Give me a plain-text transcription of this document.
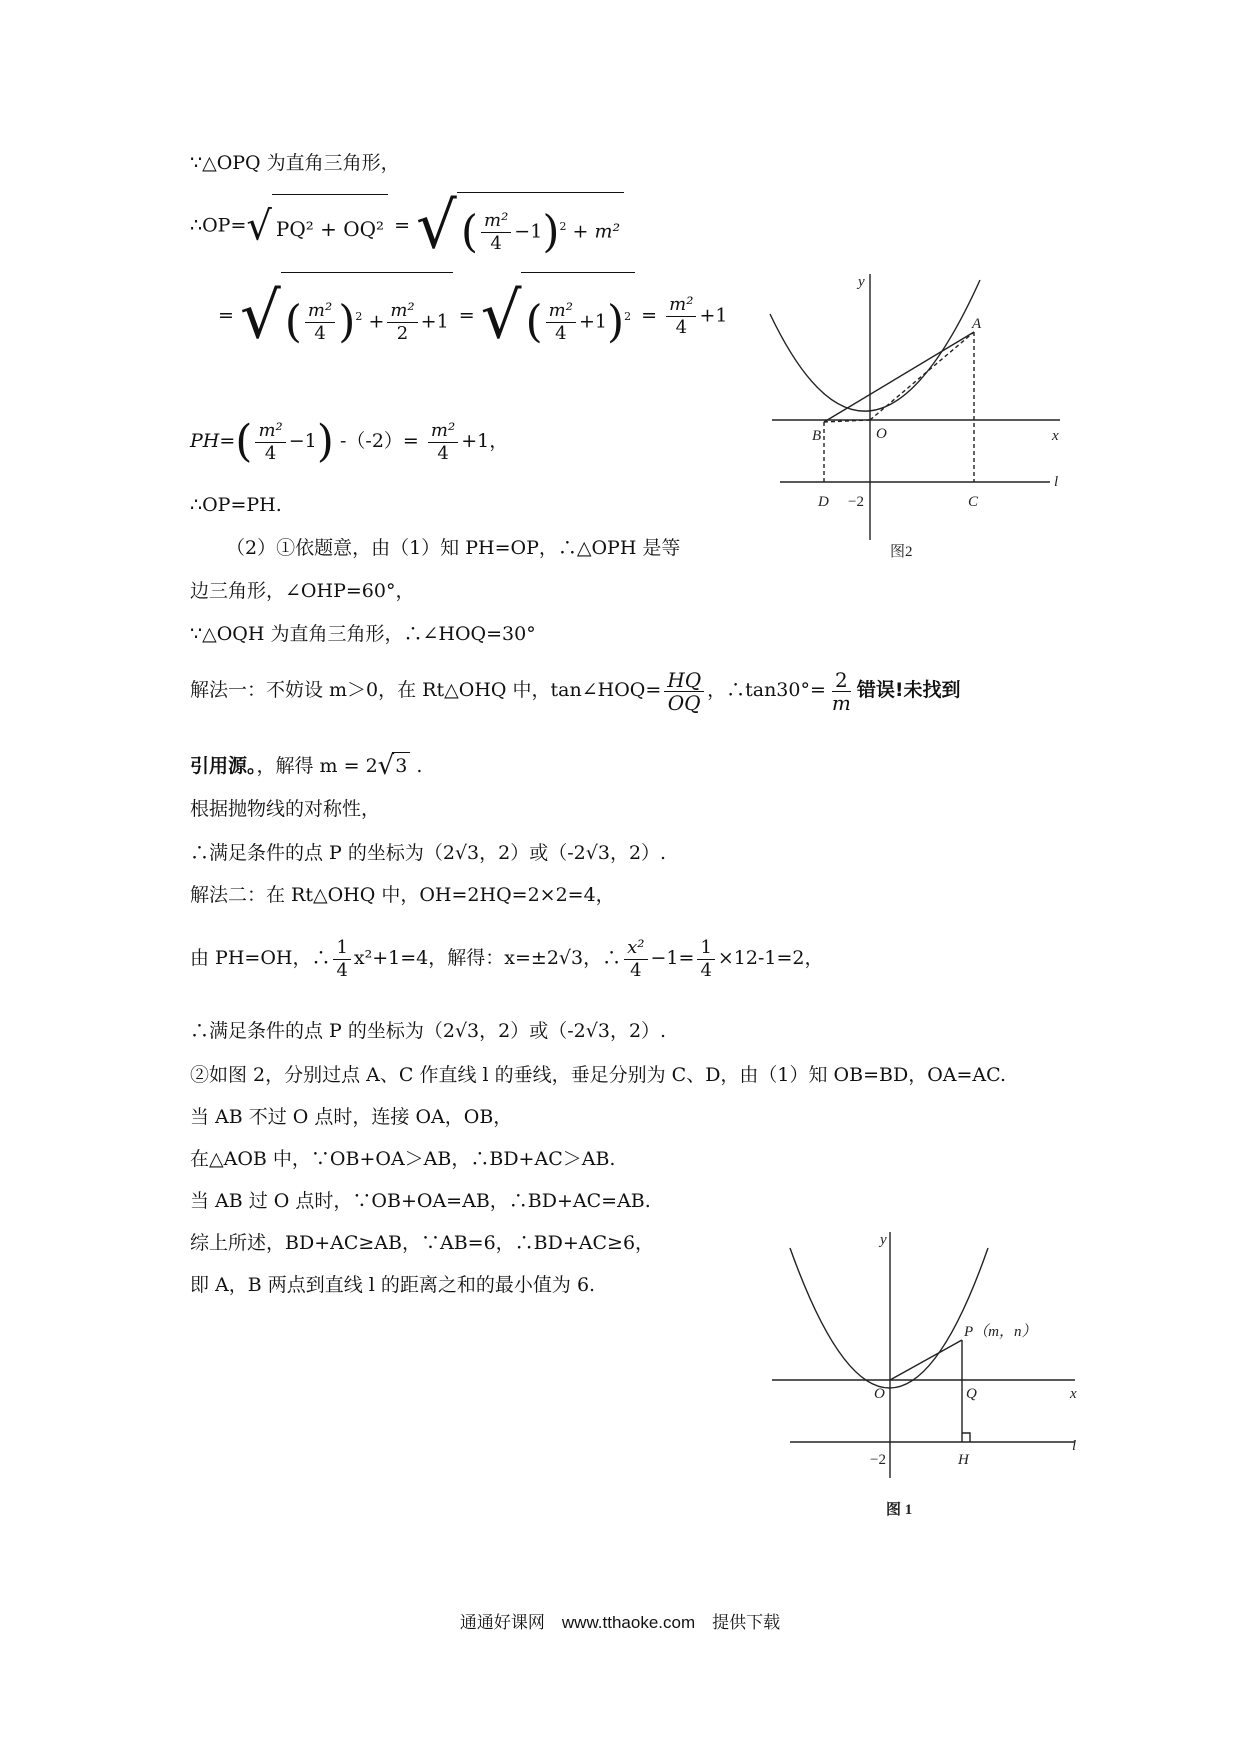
∵△OPQ 为直角三角形，
∴OP=√ PQ² + OQ² = √( $\frac{\text{m²}}{4} -1)^2 + m^2$
= √( $\frac{\text{m²}}{4} )^2 + \frac{\text{m²}}{2} +1$ = √( $\frac{\text{m²}}{4} +1)^2 = \frac{\text{m²}}{4} +1$
$PH=( \frac{\text{m²}}{4} -1)$ $-(-2)= \frac{\text{m²}}{4} +1$，
∴OP=PH.
（2）①依题意，由（1）知 PH=OP，∴△OPH 是等
边三角形，∠OHP=60°，
∵△OQH 为直角三角形，∴∠HOQ=30°
解法一：不妨设 m＞0，在 Rt△OHQ 中，tan∠HOQ= $\frac{HQ}{OQ}$ ，∴tan30°= $\frac{2}{m}$ 错误!未找到
引用源。，解得 m = 2√3 .
根据抛物线的对称性，
∴满足条件的点 P 的坐标为（2√3，2）或（-2√3，2）.
解法二：在 Rt△OHQ 中，OH=2HQ=2×2=4，
由 PH=OH，∴ $\frac{1}{4} x^2+1=4$，解得：x=±2√3，∴ $\frac{\text{x²}}{4} -1= \frac{1}{4} \times 12-1=2$，
∴满足条件的点 P 的坐标为（2√3，2）或（-2√3，2）.
②如图 2，分别过点 A、C 作直线 l 的垂线，垂足分别为 C、D，由（1）知 OB=BD，OA=AC.
当 AB 不过 O 点时，连接 OA，OB，
在△AOB 中，∵OB+OA＞AB，∴BD+AC＞AB.
当 AB 过 O 点时，∵OB+OA=AB，∴BD+AC=AB.
综上所述，BD+AC≥AB，∵AB=6，∴BD+AC≥6，
即 A，B 两点到直线 l 的距离之和的最小值为 6.
y
x
A
B	O
D	C
−2
l
图2
y
x
P（m，n）
O	Q
H
−2
l
图 1
通通好课网　www.tthaoke.com　提供下载
